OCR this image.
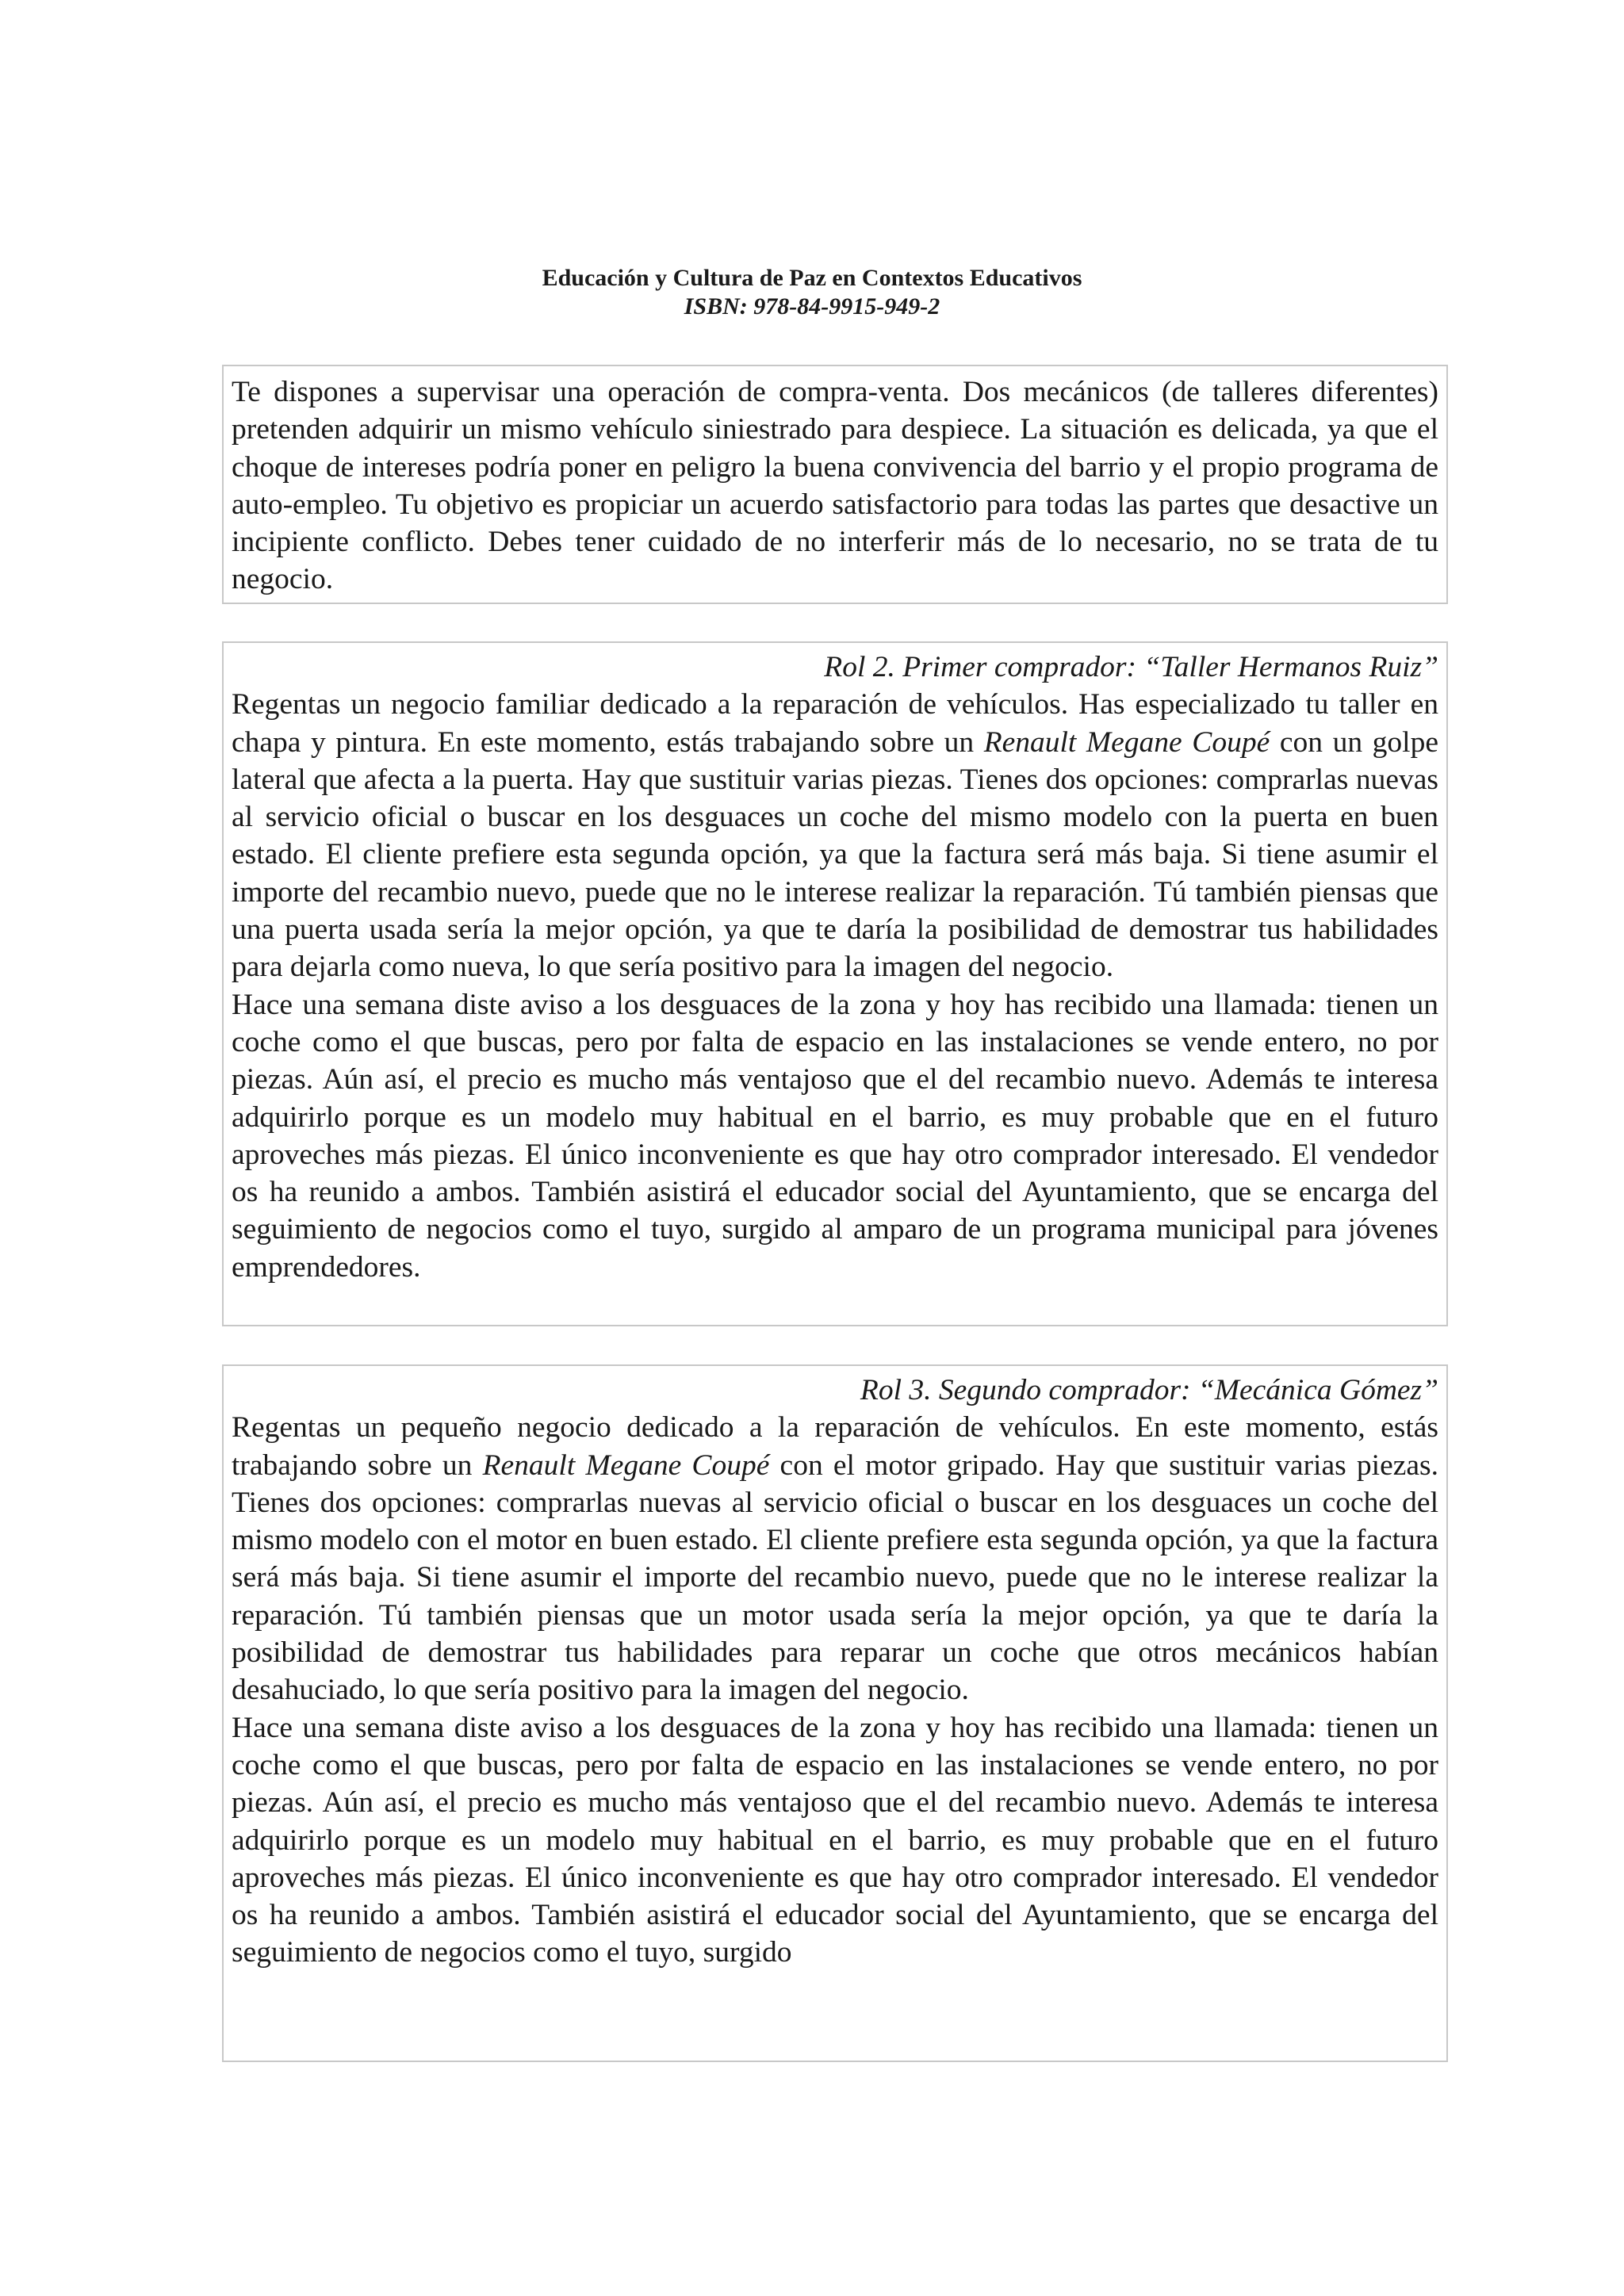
Educación y Cultura de Paz en Contextos Educativos
ISBN: 978-84-9915-949-2

Te dispones a supervisar una operación de compra-venta. Dos mecánicos (de talleres diferentes) pretenden adquirir un mismo vehículo siniestrado para despiece. La situación es delicada, ya que el choque de intereses podría poner en peligro la buena convivencia del barrio y el propio programa de auto-empleo. Tu objetivo es propiciar un acuerdo satisfactorio para todas las partes que desactive un incipiente conflicto. Debes tener cuidado de no interferir más de lo necesario, no se trata de tu negocio.

Rol 2. Primer comprador: “Taller Hermanos Ruiz”

Regentas un negocio familiar dedicado a la reparación de vehículos. Has especializado tu taller en chapa y pintura. En este momento, estás trabajando sobre un Renault Megane Coupé con un golpe lateral que afecta a la puerta. Hay que sustituir varias piezas. Tienes dos opciones: comprarlas nuevas al servicio oficial o buscar en los desguaces un coche del mismo modelo con la puerta en buen estado. El cliente prefiere esta segunda opción, ya que la factura será más baja. Si tiene asumir el importe del recambio nuevo, puede que no le interese realizar la reparación. Tú también piensas que una puerta usada sería la mejor opción, ya que te daría la posibilidad de demostrar tus habilidades para dejarla como nueva, lo que sería positivo para la imagen del negocio.

Hace una semana diste aviso a los desguaces de la zona y hoy has recibido una llamada: tienen un coche como el que buscas, pero por falta de espacio en las instalaciones se vende entero, no por piezas. Aún así, el precio es mucho más ventajoso que el del recambio nuevo. Además te interesa adquirirlo porque es un modelo muy habitual en el barrio, es muy probable que en el futuro aproveches más piezas. El único inconveniente es que hay otro comprador interesado. El vendedor os ha reunido a ambos. También asistirá el educador social del Ayuntamiento, que se encarga del seguimiento de negocios como el tuyo, surgido al amparo de un programa municipal para jóvenes emprendedores.

Rol 3. Segundo comprador: “Mecánica Gómez”

Regentas un pequeño negocio dedicado a la reparación de vehículos. En este momento, estás trabajando sobre un Renault Megane Coupé con el motor gripado. Hay que sustituir varias piezas. Tienes dos opciones: comprarlas nuevas al servicio oficial o buscar en los desguaces un coche del mismo modelo con el motor en buen estado. El cliente prefiere esta segunda opción, ya que la factura será más baja. Si tiene asumir el importe del recambio nuevo, puede que no le interese realizar la reparación. Tú también piensas que un motor usada sería la mejor opción, ya que te daría la posibilidad de demostrar tus habilidades para reparar un coche que otros mecánicos habían desahuciado, lo que sería positivo para la imagen del negocio.

Hace una semana diste aviso a los desguaces de la zona y hoy has recibido una llamada: tienen un coche como el que buscas, pero por falta de espacio en las instalaciones se vende entero, no por piezas. Aún así, el precio es mucho más ventajoso que el del recambio nuevo. Además te interesa adquirirlo porque es un modelo muy habitual en el barrio, es muy probable que en el futuro aproveches más piezas. El único inconveniente es que hay otro comprador interesado. El vendedor os ha reunido a ambos. También asistirá el educador social del Ayuntamiento, que se encarga del seguimiento de negocios como el tuyo, surgido
